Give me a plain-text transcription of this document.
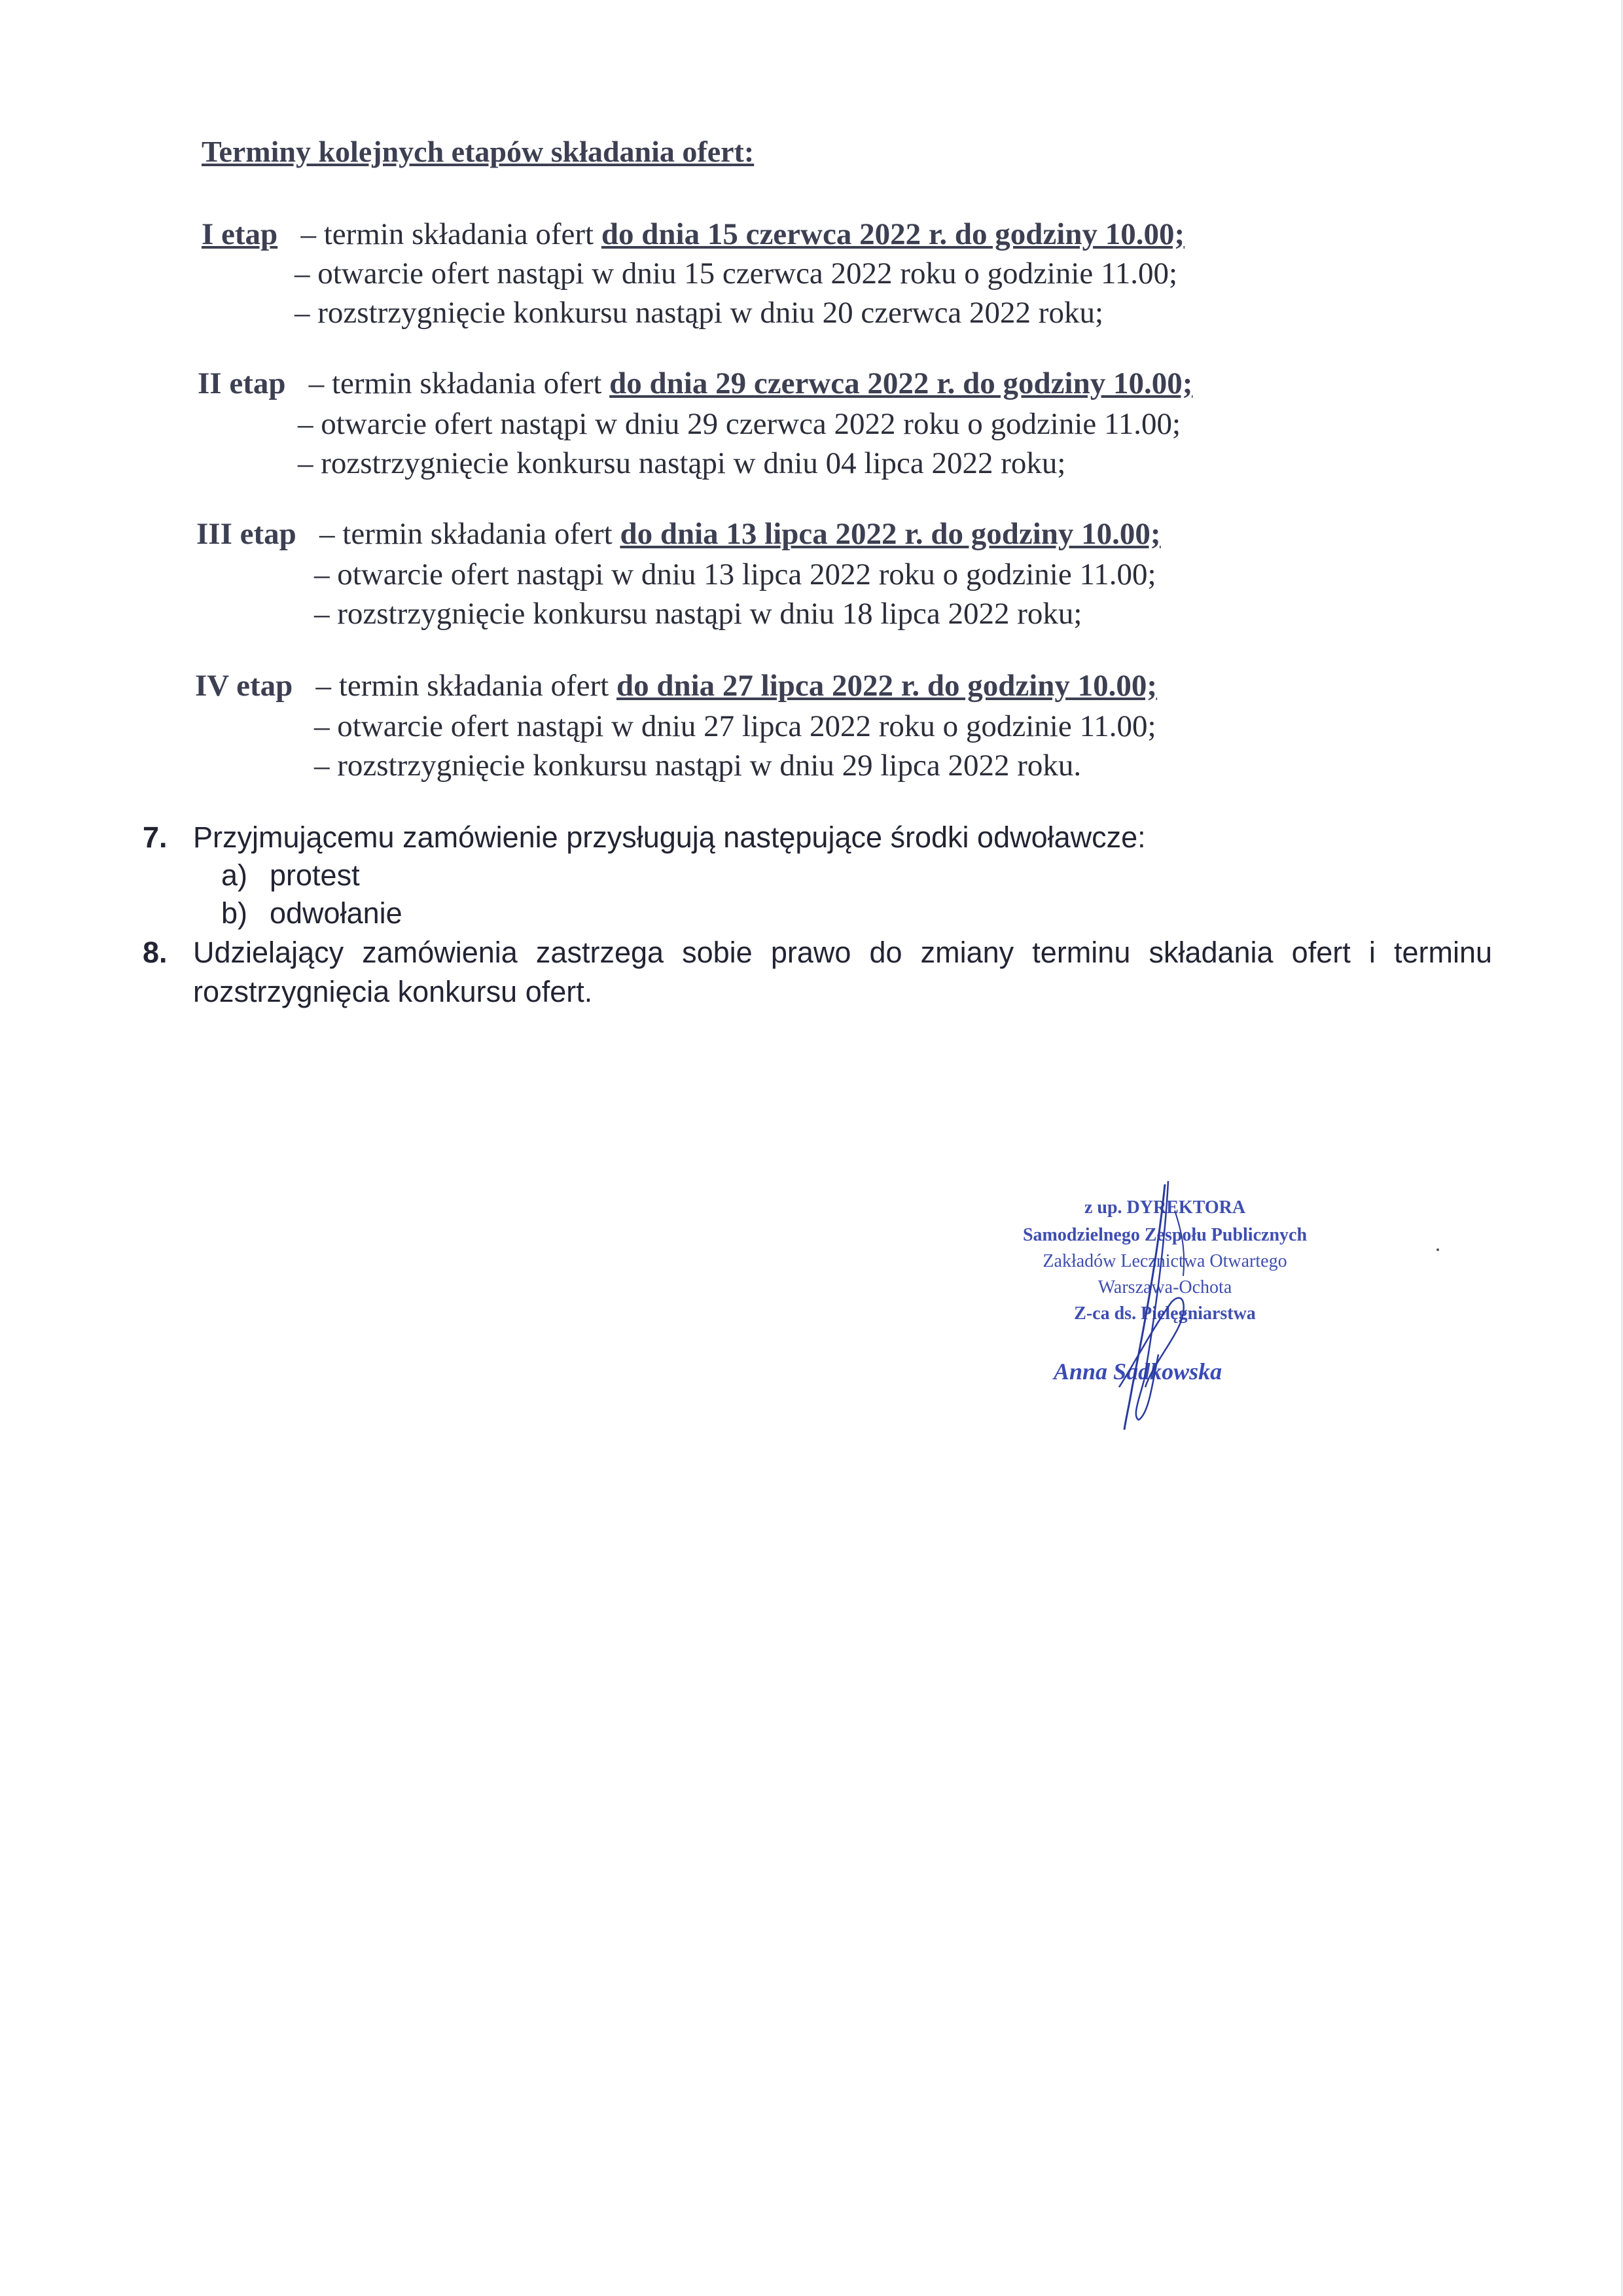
Terminy kolejnych etapów składania ofert:
I etap – termin składania ofert do dnia 15 czerwca 2022 r. do godziny 10.00;
– otwarcie ofert nastąpi w dniu 15 czerwca 2022 roku o godzinie 11.00;
– rozstrzygnięcie konkursu nastąpi w dniu 20 czerwca 2022 roku;
II etap – termin składania ofert do dnia 29 czerwca 2022 r. do godziny 10.00;
– otwarcie ofert nastąpi w dniu 29 czerwca 2022 roku o godzinie 11.00;
– rozstrzygnięcie konkursu nastąpi w dniu 04 lipca 2022 roku;
III etap – termin składania ofert do dnia 13 lipca 2022 r. do godziny 10.00;
– otwarcie ofert nastąpi w dniu 13 lipca 2022 roku o godzinie 11.00;
– rozstrzygnięcie konkursu nastąpi w dniu 18 lipca 2022 roku;
IV etap – termin składania ofert do dnia 27 lipca 2022 r. do godziny 10.00;
– otwarcie ofert nastąpi w dniu 27 lipca 2022 roku o godzinie 11.00;
– rozstrzygnięcie konkursu nastąpi w dniu 29 lipca 2022 roku.
7. Przyjmującemu zamówienie przysługują następujące środki odwoławcze:
a) protest
b) odwołanie
8. Udzielający zamówienia zastrzega sobie prawo do zmiany terminu składania ofert i terminu
rozstrzygnięcia konkursu ofert.
z up. DYREKTORA
Samodzielnego Zespołu Publicznych
Zakładów Lecznictwa Otwartego
Warszawa-Ochota
Z-ca ds. Pielęgniarstwa
Anna Sadkowska
